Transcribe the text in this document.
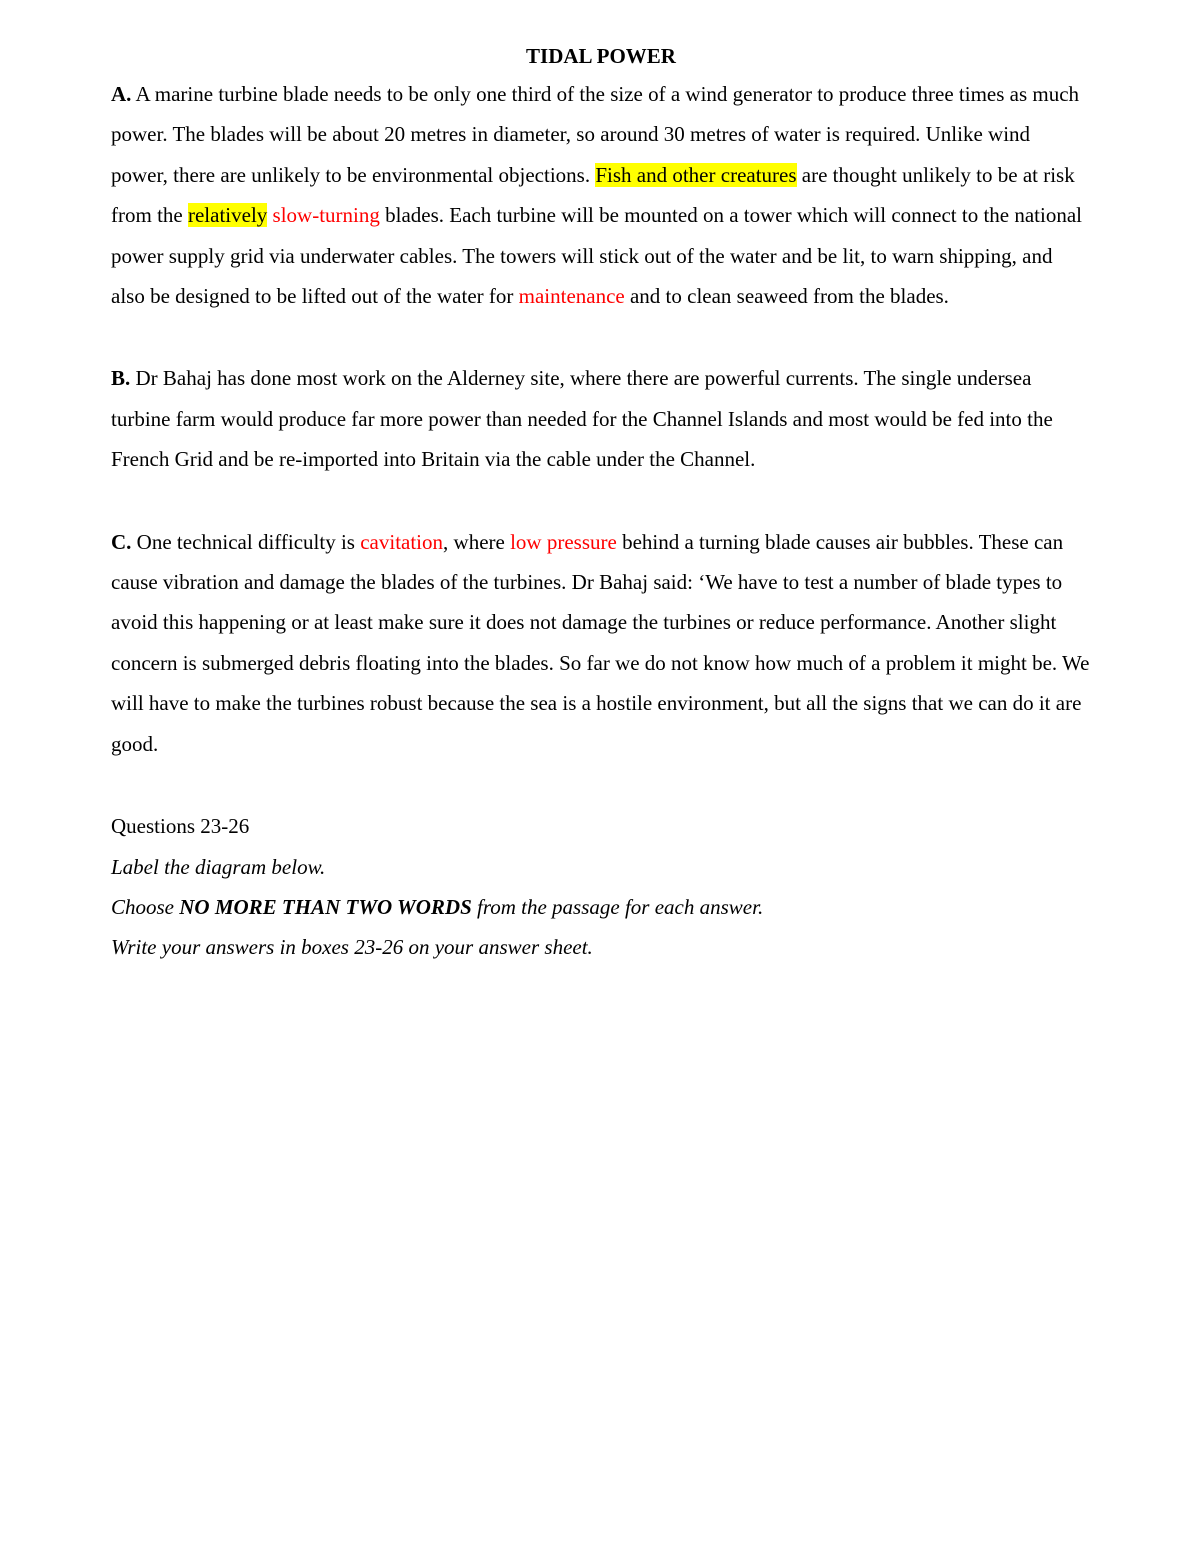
TIDAL POWER

A. A marine turbine blade needs to be only one third of the size of a wind generator to produce three times as much power. The blades will be about 20 metres in diameter, so around 30 metres of water is required. Unlike wind power, there are unlikely to be environmental objections. Fish and other creatures are thought unlikely to be at risk from the relatively slow-turning blades. Each turbine will be mounted on a tower which will connect to the national power supply grid via underwater cables. The towers will stick out of the water and be lit, to warn shipping, and also be designed to be lifted out of the water for maintenance and to clean seaweed from the blades.

B. Dr Bahaj has done most work on the Alderney site, where there are powerful currents. The single undersea turbine farm would produce far more power than needed for the Channel Islands and most would be fed into the French Grid and be re-imported into Britain via the cable under the Channel.

C. One technical difficulty is cavitation, where low pressure behind a turning blade causes air bubbles. These can cause vibration and damage the blades of the turbines. Dr Bahaj said: ‘We have to test a number of blade types to avoid this happening or at least make sure it does not damage the turbines or reduce performance. Another slight concern is submerged debris floating into the blades. So far we do not know how much of a problem it might be. We will have to make the turbines robust because the sea is a hostile environment, but all the signs that we can do it are good.

Questions 23-26

Label the diagram below.

Choose NO MORE THAN TWO WORDS from the passage for each answer.

Write your answers in boxes 23-26 on your answer sheet.
